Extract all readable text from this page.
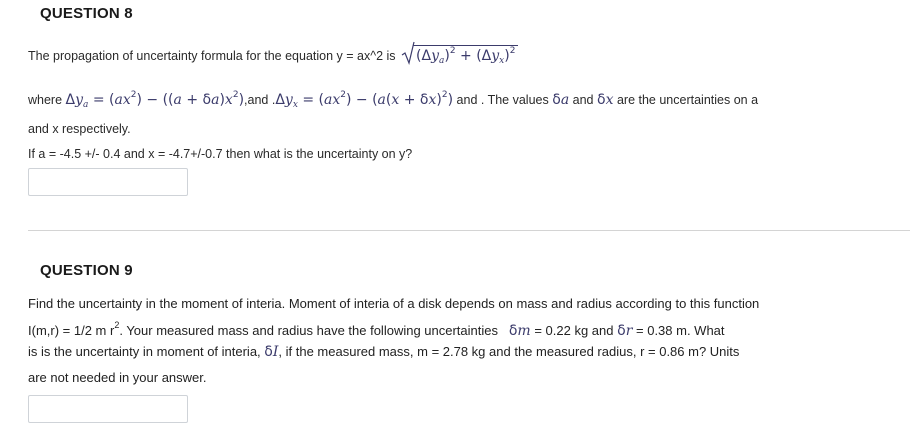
QUESTION 8
The propagation of uncertainty formula for the equation y = ax^2 is $(\Delta y_a)^2 + (\Delta y_x)^2$
where $\Delta y_a = (ax^2) - ((a + \delta a)x^2),and$ $.\Delta y_x = (ax^2) - (a(x + \delta x)^2)$ and . The values δa and δx are the uncertainties on a
and x respectively.
If a = -4.5 +/- 0.4 and x = -4.7+/-0.7 then what is the uncertainty on y?
QUESTION 9
Find the uncertainty in the moment of interia. Moment of interia of a disk depends on mass and radius according to this function
I(m,r) = 1/2 m $r^2$. Your measured mass and radius have the following uncertainties δm = 0.22 kg and δr = 0.38 m. What
is is the uncertainty in moment of interia, δI, if the measured mass, m = 2.78 kg and the measured radius, r = 0.86 m? Units
are not needed in your answer.
